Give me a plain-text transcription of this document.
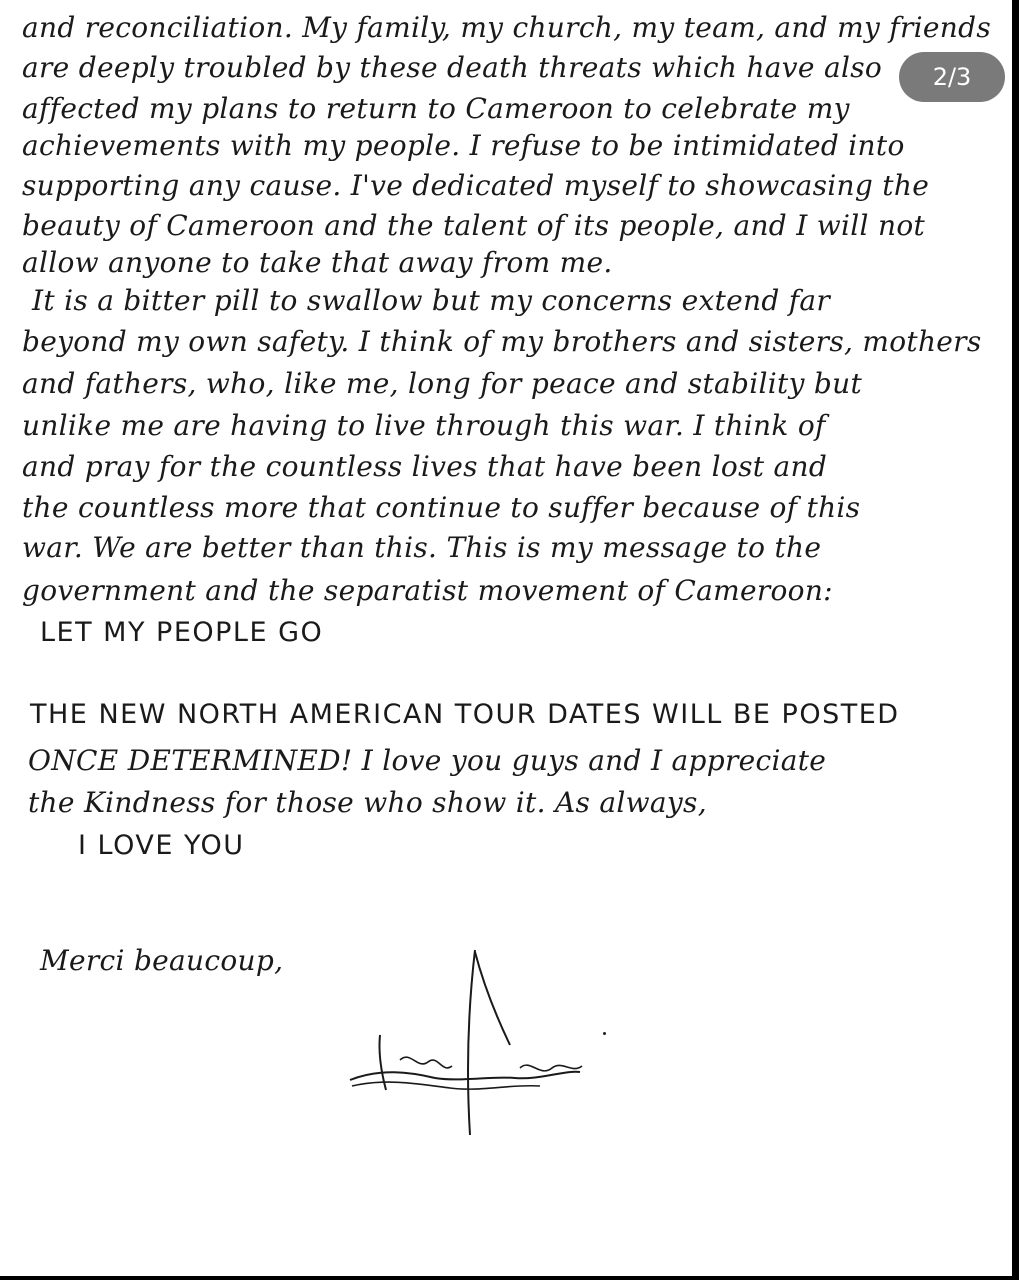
and reconciliation. My family, my church, my team, and my friends
are deeply troubled by these death threats which have also
affected my plans to return to Cameroon to celebrate my
achievements with my people. I refuse to be intimidated into
supporting any cause. I've dedicated myself to showcasing the
beauty of Cameroon and the talent of its people, and I will not
allow anyone to take that away from me.
It is a bitter pill to swallow but my concerns extend far
beyond my own safety. I think of my brothers and sisters, mothers
and fathers, who, like me, long for peace and stability but
unlike me are having to live through this war. I think of
and pray for the countless lives that have been lost and
the countless more that continue to suffer because of this
war. We are better than this. This is my message to the
government and the separatist movement of Cameroon:
LET MY PEOPLE GO
THE NEW NORTH AMERICAN TOUR DATES WILL BE POSTED
ONCE DETERMINED! I love you guys and I appreciate
the Kindness for those who show it. As always,
I LOVE YOU
Merci beaucoup,
2/3
